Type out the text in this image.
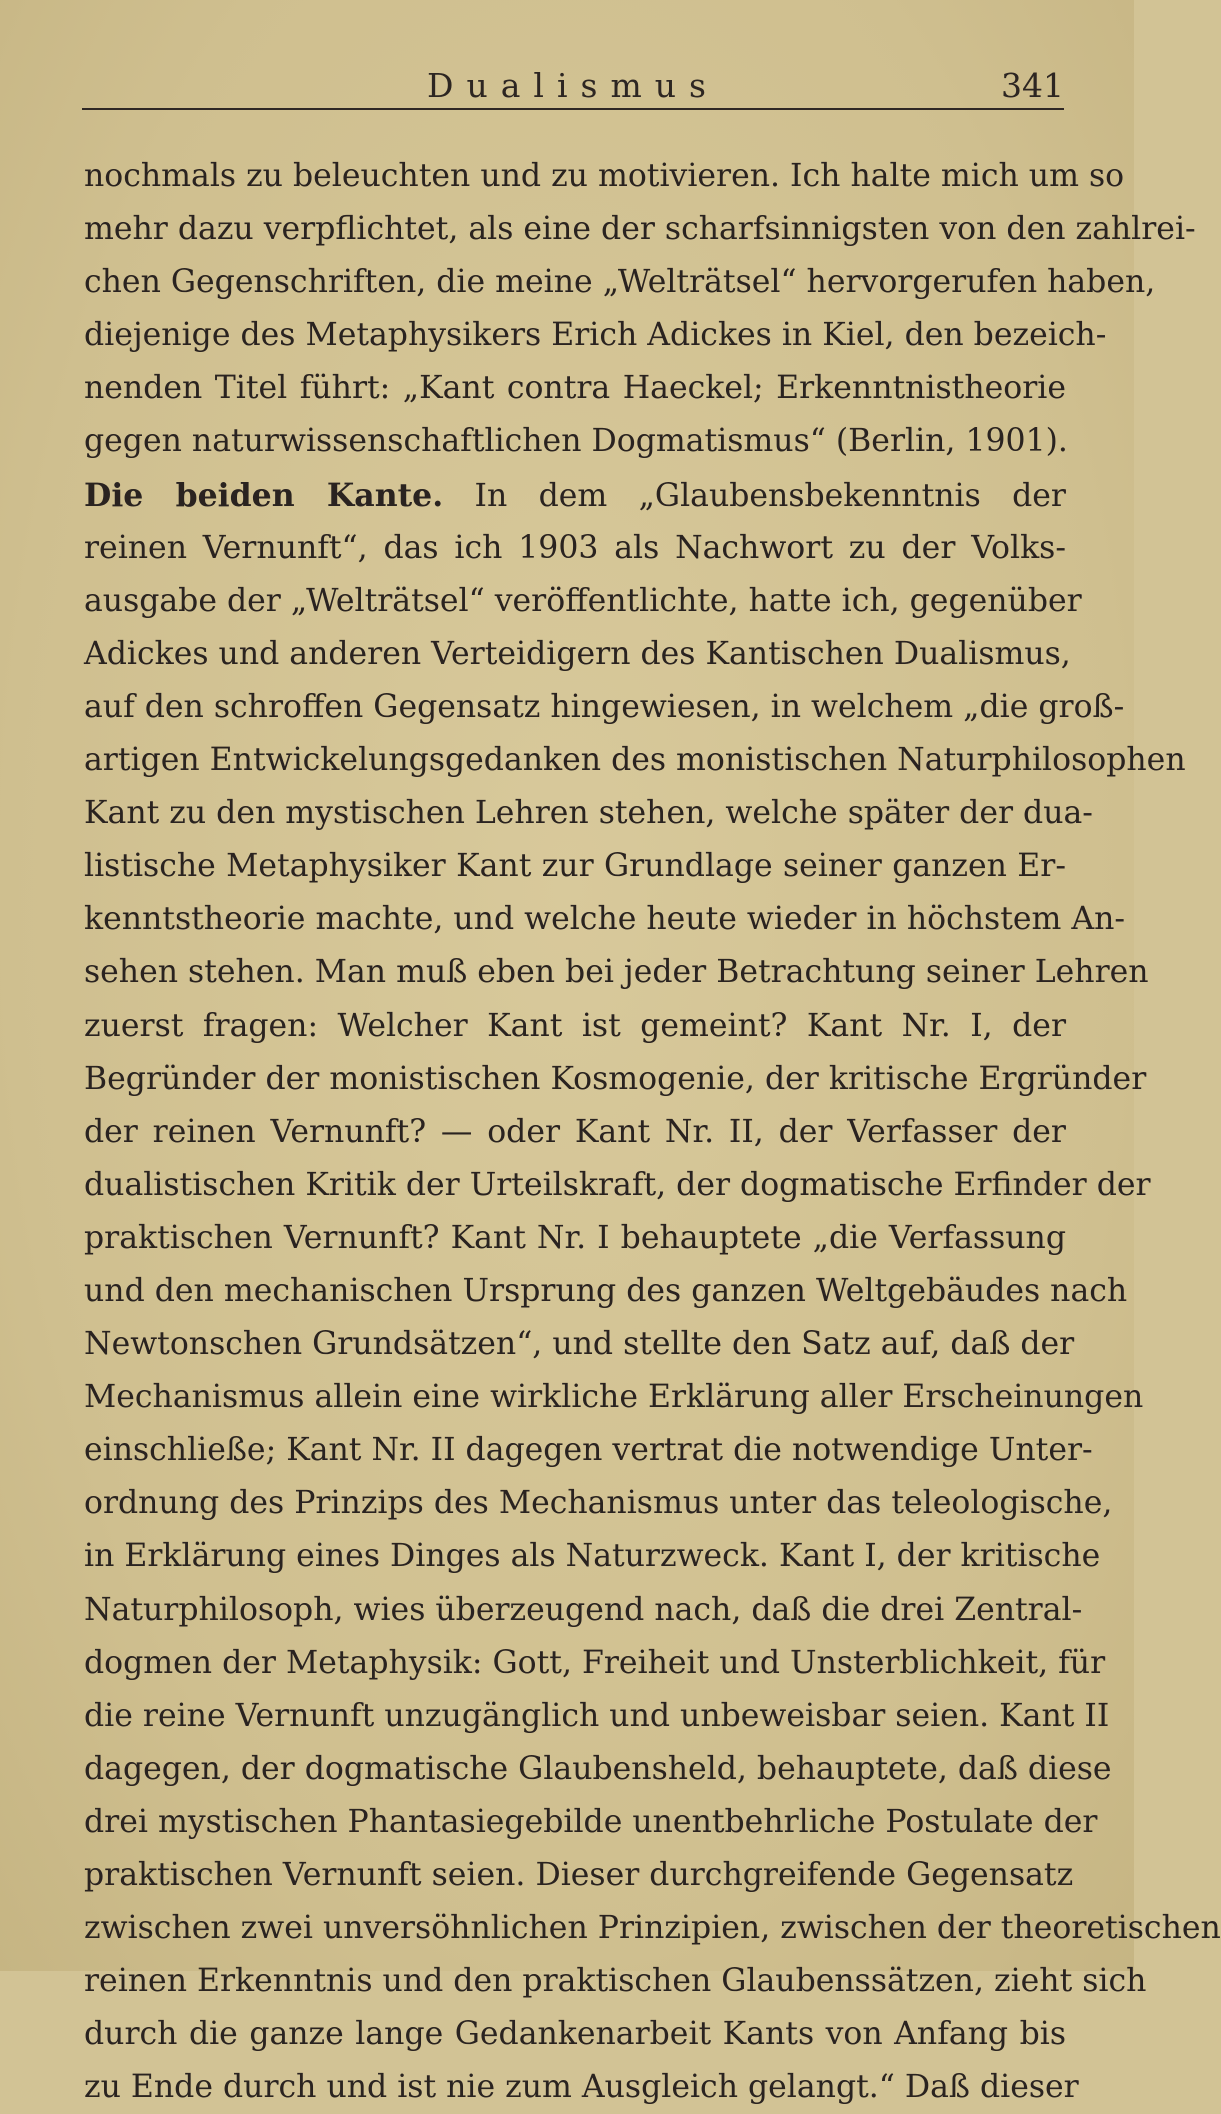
Dualismus	341
nochmals zu beleuchten und zu motivieren. Ich halte mich um so
mehr dazu verpflichtet, als eine der scharfsinnigsten von den zahlrei-
chen Gegenschriften, die meine „Welträtsel“ hervorgerufen haben,
diejenige des Metaphysikers Erich Adickes in Kiel, den bezeich-
nenden Titel führt: „Kant contra Haeckel; Erkenntnistheorie
gegen naturwissenschaftlichen Dogmatismus“ (Berlin, 1901).
Die beiden Kante. In dem „Glaubensbekenntnis der
reinen Vernunft“, das ich 1903 als Nachwort zu der Volks-
ausgabe der „Welträtsel“ veröffentlichte, hatte ich, gegenüber
Adickes und anderen Verteidigern des Kantischen Dualismus,
auf den schroffen Gegensatz hingewiesen, in welchem „die groß-
artigen Entwickelungsgedanken des monistischen Naturphilosophen
Kant zu den mystischen Lehren stehen, welche später der dua-
listische Metaphysiker Kant zur Grundlage seiner ganzen Er-
kenntstheorie machte, und welche heute wieder in höchstem An-
sehen stehen. Man muß eben bei jeder Betrachtung seiner Lehren
zuerst fragen: Welcher Kant ist gemeint? Kant Nr. I, der
Begründer der monistischen Kosmogenie, der kritische Ergründer
der reinen Vernunft? — oder Kant Nr. II, der Verfasser der
dualistischen Kritik der Urteilskraft, der dogmatische Erfinder der
praktischen Vernunft? Kant Nr. I behauptete „die Verfassung
und den mechanischen Ursprung des ganzen Weltgebäudes nach
Newtonschen Grundsätzen“, und stellte den Satz auf, daß der
Mechanismus allein eine wirkliche Erklärung aller Erscheinungen
einschließe; Kant Nr. II dagegen vertrat die notwendige Unter-
ordnung des Prinzips des Mechanismus unter das teleologische,
in Erklärung eines Dinges als Naturzweck. Kant I, der kritische
Naturphilosoph, wies überzeugend nach, daß die drei Zentral-
dogmen der Metaphysik: Gott, Freiheit und Unsterblichkeit, für
die reine Vernunft unzugänglich und unbeweisbar seien. Kant II
dagegen, der dogmatische Glaubensheld, behauptete, daß diese
drei mystischen Phantasiegebilde unentbehrliche Postulate der
praktischen Vernunft seien. Dieser durchgreifende Gegensatz
zwischen zwei unversöhnlichen Prinzipien, zwischen der theoretischen
reinen Erkenntnis und den praktischen Glaubenssätzen, zieht sich
durch die ganze lange Gedankenarbeit Kants von Anfang bis
zu Ende durch und ist nie zum Ausgleich gelangt.“ Daß dieser
